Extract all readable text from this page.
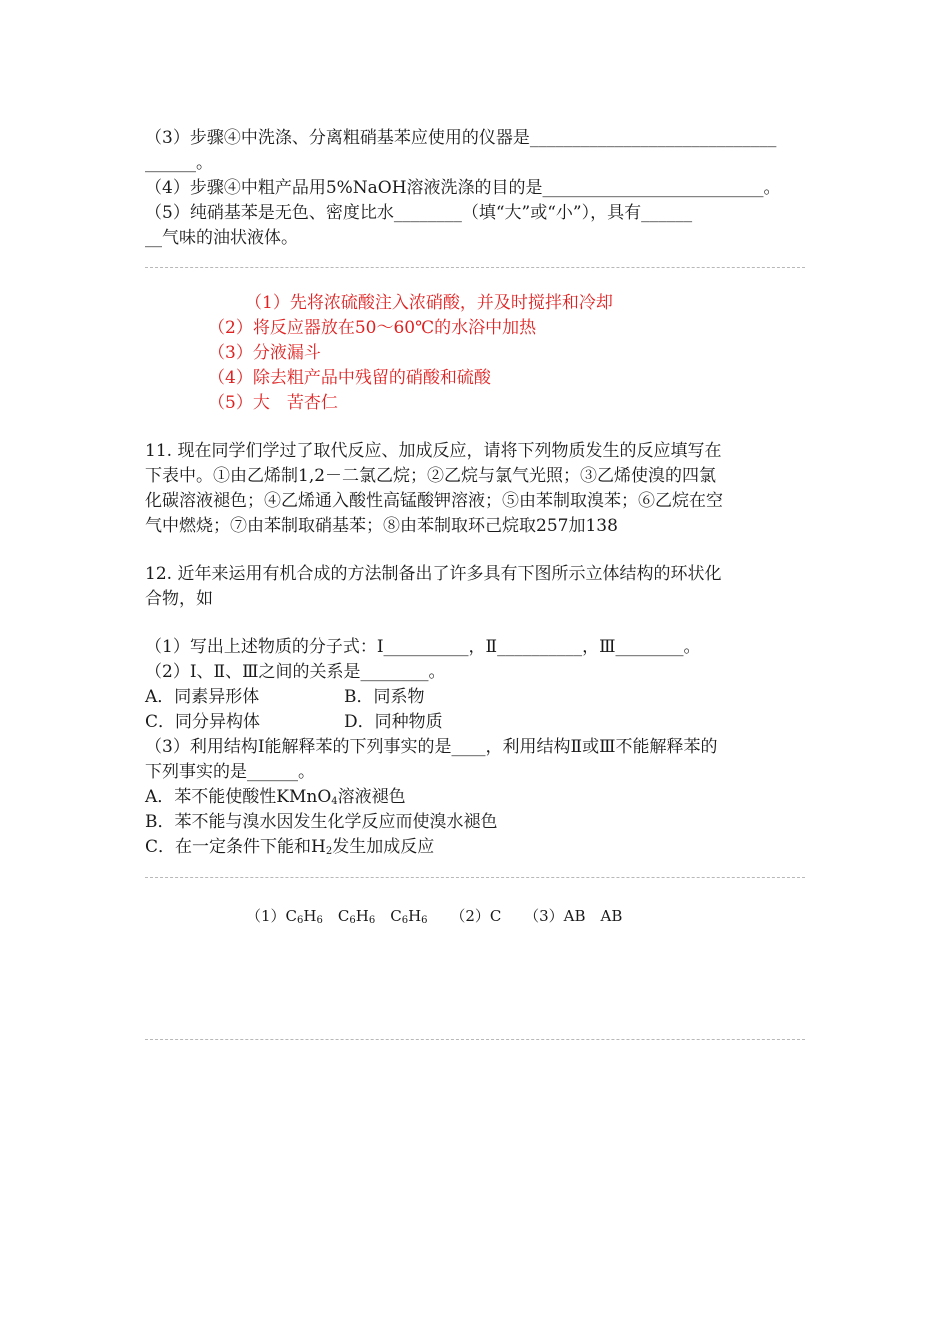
（3）步骤④中洗涤、分离粗硝基苯应使用的仪器是_____________________________
______。
（4）步骤④中粗产品用5%NaOH溶液洗涤的目的是__________________________。
（5）纯硝基苯是无色、密度比水________（填“大”或“小”），具有______
__气味的油状液体。
（1）先将浓硫酸注入浓硝酸，并及时搅拌和冷却
（2）将反应器放在50～60℃的水浴中加热
（3）分液漏斗
（4）除去粗产品中残留的硝酸和硫酸
（5）大　苦杏仁
11. 现在同学们学过了取代反应、加成反应，请将下列物质发生的反应填写在
下表中。①由乙烯制1,2－二氯乙烷；②乙烷与氯气光照；③乙烯使溴的四氯
化碳溶液褪色；④乙烯通入酸性高锰酸钾溶液；⑤由苯制取溴苯；⑥乙烷在空
气中燃烧；⑦由苯制取硝基苯；⑧由苯制取环己烷取257加138
12. 近年来运用有机合成的方法制备出了许多具有下图所示立体结构的环状化
合物，如
（1）写出上述物质的分子式：Ⅰ__________，Ⅱ__________，Ⅲ________。
（2）Ⅰ、Ⅱ、Ⅲ之间的关系是________。
A．同素异形体	B．同系物
C．同分异构体	D．同种物质
（3）利用结构Ⅰ能解释苯的下列事实的是____，利用结构Ⅱ或Ⅲ不能解释苯的
下列事实的是______。
A．苯不能使酸性KMnO$_4$溶液褪色
B．苯不能与溴水因发生化学反应而使溴水褪色
C．在一定条件下能和$H_2$发生加成反应
$(1)C_6H_6$　$C_6H_6$　$C_6H_6$ （2）C （3）AB　AB
